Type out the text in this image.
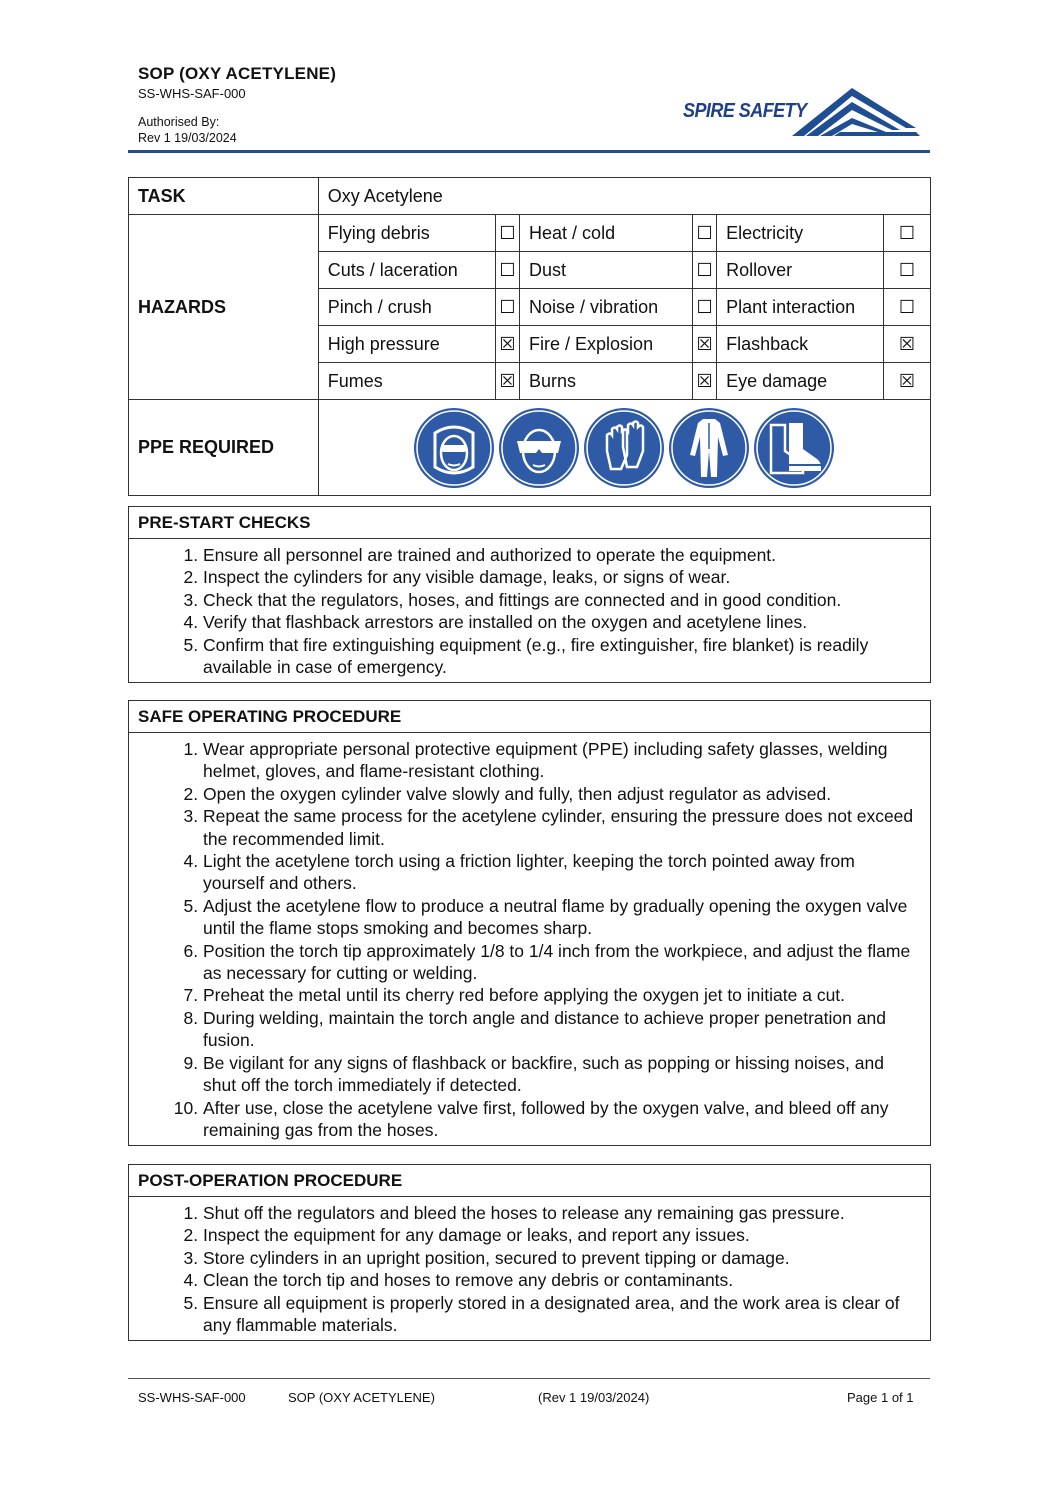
SOP (OXY ACETYLENE)
SS-WHS-SAF-000
Authorised By:
Rev 1 19/03/2024
SPIRE SAFETY
TASK	Oxy Acetylene					
HAZARDS	Flying debris	☐	Heat / cold	☐	Electricity	☐
	Cuts / laceration	☐	Dust	☐	Rollover	☐
	Pinch / crush	☐	Noise / vibration	☐	Plant interaction	☐
	High pressure	☒	Fire / Explosion	☒	Flashback	☒
	Fumes	☒	Burns	☒	Eye damage	☒
PPE REQUIRED	
PRE-START CHECKS
1. Ensure all personnel are trained and authorized to operate the equipment.
2. Inspect the cylinders for any visible damage, leaks, or signs of wear.
3. Check that the regulators, hoses, and fittings are connected and in good condition.
4. Verify that flashback arrestors are installed on the oxygen and acetylene lines.
5. Confirm that fire extinguishing equipment (e.g., fire extinguisher, fire blanket) is readily available in case of emergency.
SAFE OPERATING PROCEDURE
1. Wear appropriate personal protective equipment (PPE) including safety glasses, welding helmet, gloves, and flame-resistant clothing.
2. Open the oxygen cylinder valve slowly and fully, then adjust regulator as advised.
3. Repeat the same process for the acetylene cylinder, ensuring the pressure does not exceed the recommended limit.
4. Light the acetylene torch using a friction lighter, keeping the torch pointed away from yourself and others.
5. Adjust the acetylene flow to produce a neutral flame by gradually opening the oxygen valve until the flame stops smoking and becomes sharp.
6. Position the torch tip approximately 1/8 to 1/4 inch from the workpiece, and adjust the flame as necessary for cutting or welding.
7. Preheat the metal until its cherry red before applying the oxygen jet to initiate a cut.
8. During welding, maintain the torch angle and distance to achieve proper penetration and fusion.
9. Be vigilant for any signs of flashback or backfire, such as popping or hissing noises, and shut off the torch immediately if detected.
10. After use, close the acetylene valve first, followed by the oxygen valve, and bleed off any remaining gas from the hoses.
POST-OPERATION PROCEDURE
1. Shut off the regulators and bleed the hoses to release any remaining gas pressure.
2. Inspect the equipment for any damage or leaks, and report any issues.
3. Store cylinders in an upright position, secured to prevent tipping or damage.
4. Clean the torch tip and hoses to remove any debris or contaminants.
5. Ensure all equipment is properly stored in a designated area, and the work area is clear of any flammable materials.
SS-WHS-SAF-000	SOP (OXY ACETYLENE)	(Rev 1 19/03/2024)	Page 1 of 1
